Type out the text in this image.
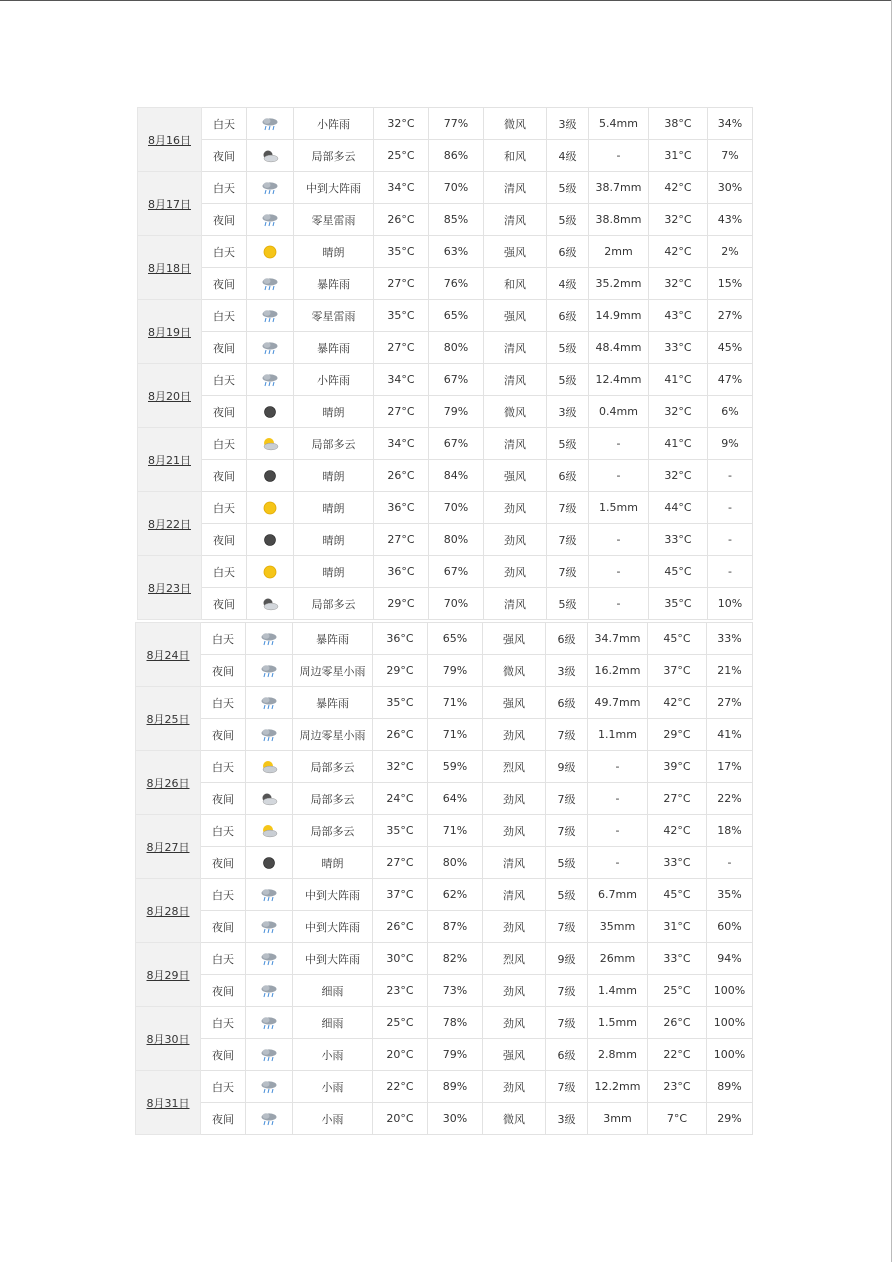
8月16日	白天		小阵雨	32°C	77%	微风	3级	5.4mm	38°C	34%
	夜间		局部多云	25°C	86%	和风	4级	-	31°C	7%
8月17日	白天		中到大阵雨	34°C	70%	清风	5级	38.7mm	42°C	30%
	夜间		零星雷雨	26°C	85%	清风	5级	38.8mm	32°C	43%
8月18日	白天		晴朗	35°C	63%	强风	6级	2mm	42°C	2%
	夜间		暴阵雨	27°C	76%	和风	4级	35.2mm	32°C	15%
8月19日	白天		零星雷雨	35°C	65%	强风	6级	14.9mm	43°C	27%
	夜间		暴阵雨	27°C	80%	清风	5级	48.4mm	33°C	45%
8月20日	白天		小阵雨	34°C	67%	清风	5级	12.4mm	41°C	47%
	夜间		晴朗	27°C	79%	微风	3级	0.4mm	32°C	6%
8月21日	白天		局部多云	34°C	67%	清风	5级	-	41°C	9%
	夜间		晴朗	26°C	84%	强风	6级	-	32°C	-
8月22日	白天		晴朗	36°C	70%	劲风	7级	1.5mm	44°C	-
	夜间		晴朗	27°C	80%	劲风	7级	-	33°C	-
8月23日	白天		晴朗	36°C	67%	劲风	7级	-	45°C	-
	夜间		局部多云	29°C	70%	清风	5级	-	35°C	10%
8月24日	白天		暴阵雨	36°C	65%	强风	6级	34.7mm	45°C	33%
	夜间		周边零星小雨	29°C	79%	微风	3级	16.2mm	37°C	21%
8月25日	白天		暴阵雨	35°C	71%	强风	6级	49.7mm	42°C	27%
	夜间		周边零星小雨	26°C	71%	劲风	7级	1.1mm	29°C	41%
8月26日	白天		局部多云	32°C	59%	烈风	9级	-	39°C	17%
	夜间		局部多云	24°C	64%	劲风	7级	-	27°C	22%
8月27日	白天		局部多云	35°C	71%	劲风	7级	-	42°C	18%
	夜间		晴朗	27°C	80%	清风	5级	-	33°C	-
8月28日	白天		中到大阵雨	37°C	62%	清风	5级	6.7mm	45°C	35%
	夜间		中到大阵雨	26°C	87%	劲风	7级	35mm	31°C	60%
8月29日	白天		中到大阵雨	30°C	82%	烈风	9级	26mm	33°C	94%
	夜间		细雨	23°C	73%	劲风	7级	1.4mm	25°C	100%
8月30日	白天		细雨	25°C	78%	劲风	7级	1.5mm	26°C	100%
	夜间		小雨	20°C	79%	强风	6级	2.8mm	22°C	100%
8月31日	白天		小雨	22°C	89%	劲风	7级	12.2mm	23°C	89%
	夜间		小雨	20°C	30%	微风	3级	3mm	7°C	29%
